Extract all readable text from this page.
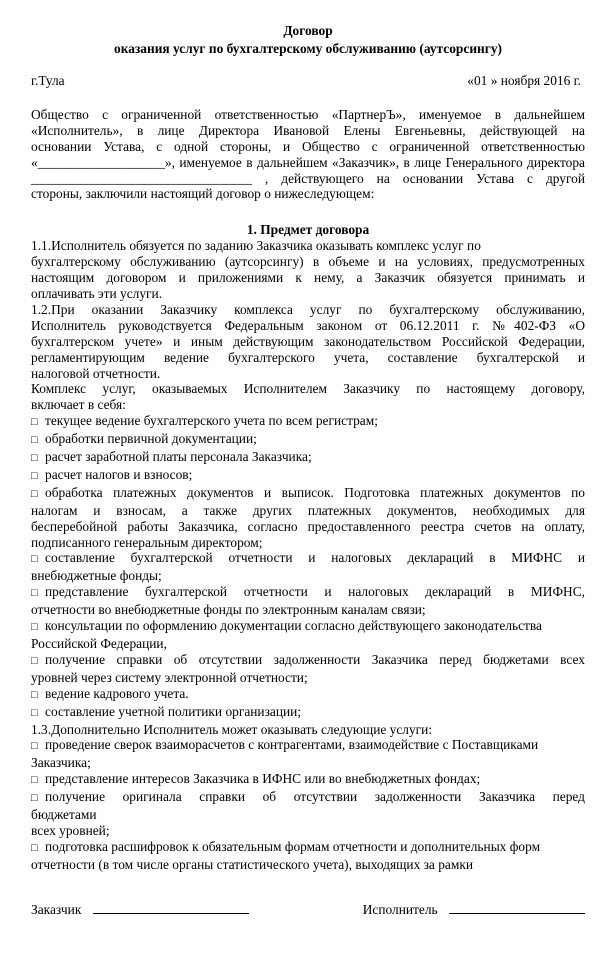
Договор
оказания услуг по бухгалтерскому обслуживанию (аутсорсингу)
г.Тула	«01 » ноября 2016 г.
Общество с ограниченной ответственностью «ПартнерЪ», именуемое в дальнейшем
«Исполнитель», в лице Директора Ивановой Елены Евгеньевны, действующей на
основании Устава, с одной стороны, и Общество с ограниченной ответственностью
«___________________», именуемое в дальнейшем «Заказчик», в лице Генерального директора
_________________________________ , действующего на основании Устава с другой
стороны, заключили настоящий договор о нижеследующем:
1. Предмет договора
1.1.Исполнитель обязуется по заданию Заказчика оказывать комплекс услуг по
бухгалтерскому обслуживанию (аутсорсингу) в объеме и на условиях, предусмотренных
настоящим договором и приложениями к нему, а Заказчик обязуется принимать и
оплачивать эти услуги.
1.2.При оказании Заказчику комплекса услуг по бухгалтерскому обслуживанию,
Исполнитель руководствуется Федеральным законом от 06.12.2011 г. №402-ФЗ «О
бухгалтерском учете» и иным действующим законодательством Российской Федерации,
регламентирующим ведение бухгалтерского учета, составление бухгалтерской и
налоговой отчетности.
Комплекс услуг, оказываемых Исполнителем Заказчику по настоящему договору,
включает в себя:
□ текущее ведение бухгалтерского учета по всем регистрам;
□ обработки первичной документации;
□ расчет заработной платы персонала Заказчика;
□ расчет налогов и взносов;
□ обработка платежных документов и выписок. Подготовка платежных документов по
налогам и взносам, а также других платежных документов, необходимых для
бесперебойной работы Заказчика, согласно предоставленного реестра счетов на оплату,
подписанного генеральным директором;
□ составление бухгалтерской отчетности и налоговых деклараций в МИФНС и
внебюджетные фонды;
□ представление бухгалтерской отчетности и налоговых деклараций в МИФНС,
отчетности во внебюджетные фонды по электронным каналам связи;
□ консультации по оформлению документации согласно действующего законодательства
Российской Федерации,
□ получение справки об отсутствии задолженности Заказчика перед бюджетами всех
уровней через систему электронной отчетности;
□ ведение кадрового учета.
□ составление учетной политики организации;
1.3.Дополнительно Исполнитель может оказывать следующие услуги:
□ проведение сверок взаиморасчетов с контрагентами, взаимодействие с Поставщиками
Заказчика;
□ представление интересов Заказчика в ИФНС или во внебюджетных фондах;
□ получение оригинала справки об отсутствии задолженности Заказчика перед
бюджетами
всех уровней;
□ подготовка расшифровок к обязательным формам отчетности и дополнительных форм
отчетности (в том числе органы статистического учета), выходящих за рамки
Заказчик	Исполнитель
